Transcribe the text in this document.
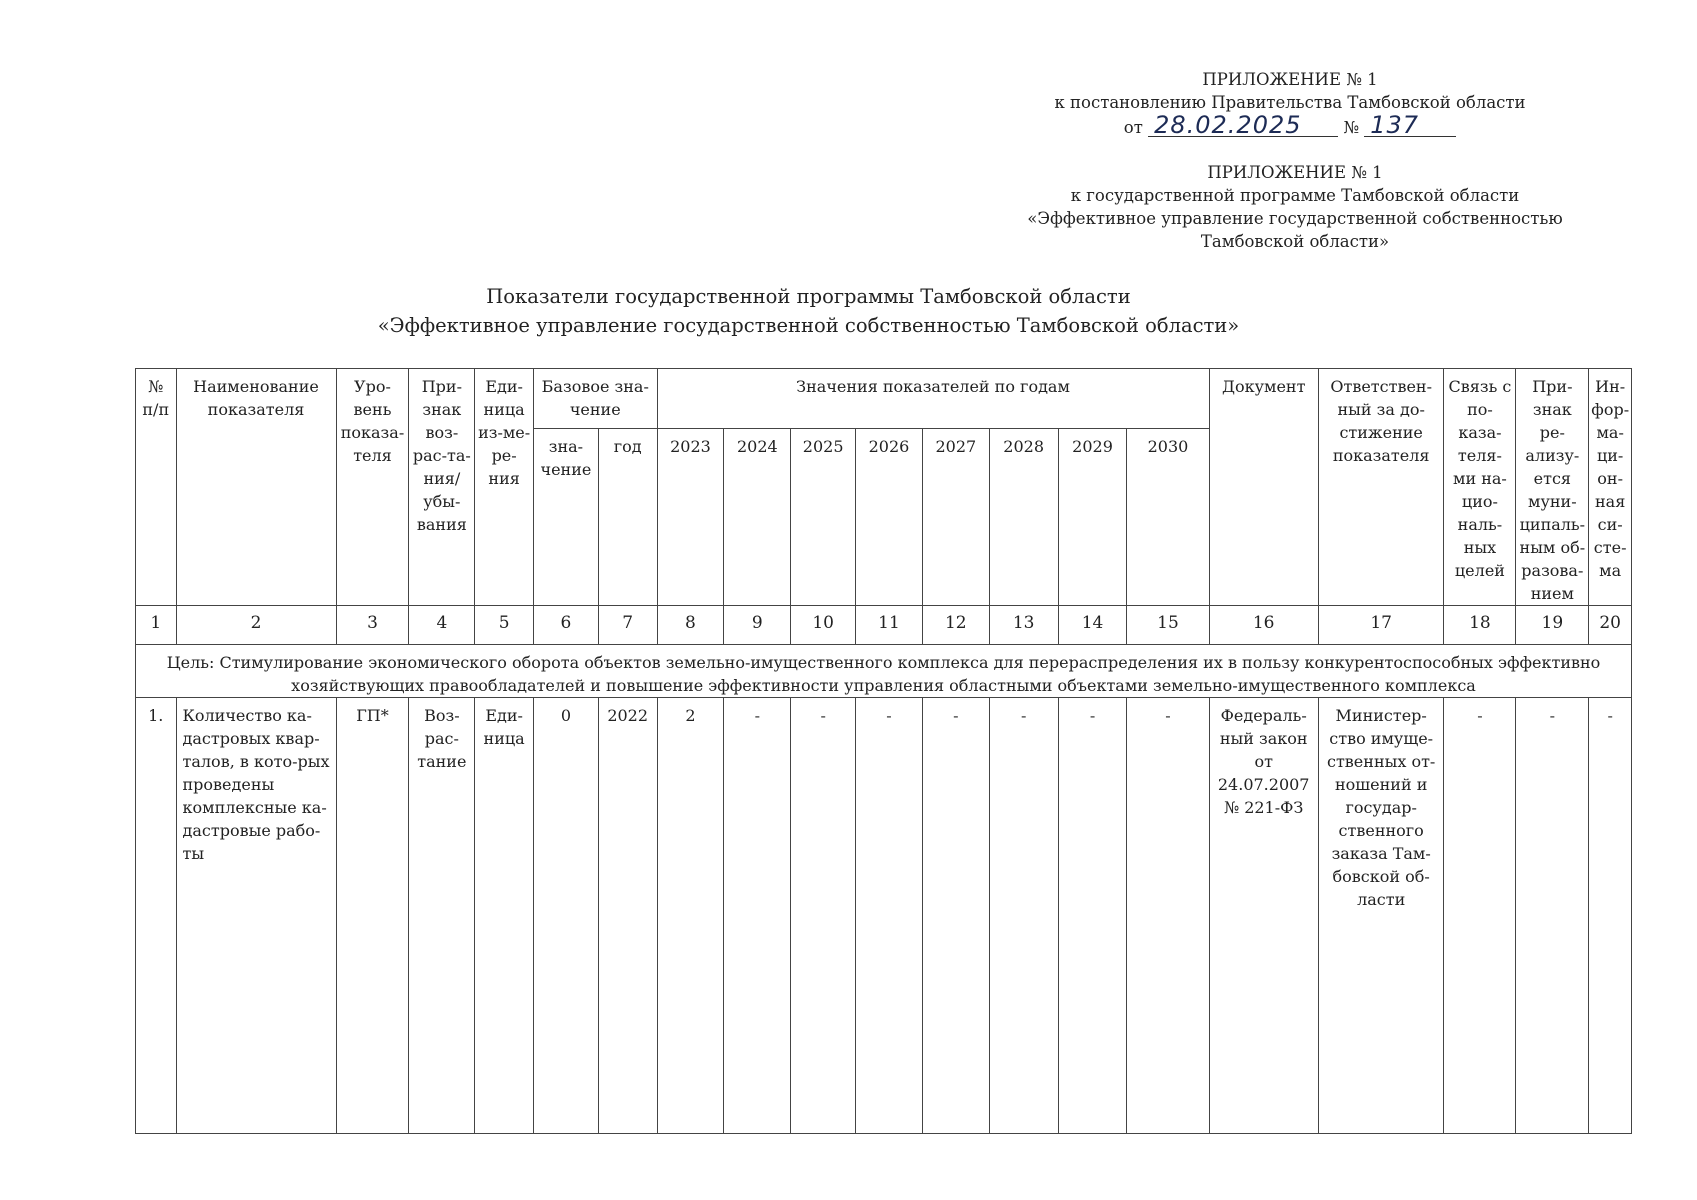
ПРИЛОЖЕНИЕ № 1
к постановлению Правительства Тамбовской области
от 28.02.2025	№ 137
ПРИЛОЖЕНИЕ № 1
к государственной программе Тамбовской области
«Эффективное управление государственной собственностью
Тамбовской области»
Показатели государственной программы Тамбовской области
«Эффективное управление государственной собственностью Тамбовской области»
№ п/п	Наименование показателя	Уро-вень показа-теля	При-знак воз-рас-та-ния/ убы-вания	Еди-ница из-ме-ре-ния	Базовое зна-чение		Значения показателей по годам								Документ	Ответствен-ный за до-стижение показателя	Связь с по-каза-теля-ми на-цио-наль-ных целей	При-знак ре-ализу-ется муни-ципаль-ным об-разова-нием	Ин-фор-ма-ци-он-ная си-сте-ма
					зна-чение	год	2023	2024	2025	2026	2027	2028	2029	2030					
1	2	3	4	5	6	7	8	9	10	11	12	13	14	15	16	17	18	19	20
Цель: Стимулирование экономического оборота объектов земельно-имущественного комплекса для перераспределения их в пользу конкурентоспособных эффективно хозяйствующих правообладателей и повышение эффективности управления областными объектами земельно-имущественного комплекса																			
1.	Количество ка-дастровых квар-талов, в кото-рых проведены комплексные ка-дастровые рабо-ты	ГП*	Воз-рас-тание	Еди-ница	0	2022	2	-	-	-	-	-	-	-	Федераль-ный закон от 24.07.2007 № 221-ФЗ	Министер-ство имуще-ственных от-ношений и государ-ственного заказа Там-бовской об-ласти	-	-	-
